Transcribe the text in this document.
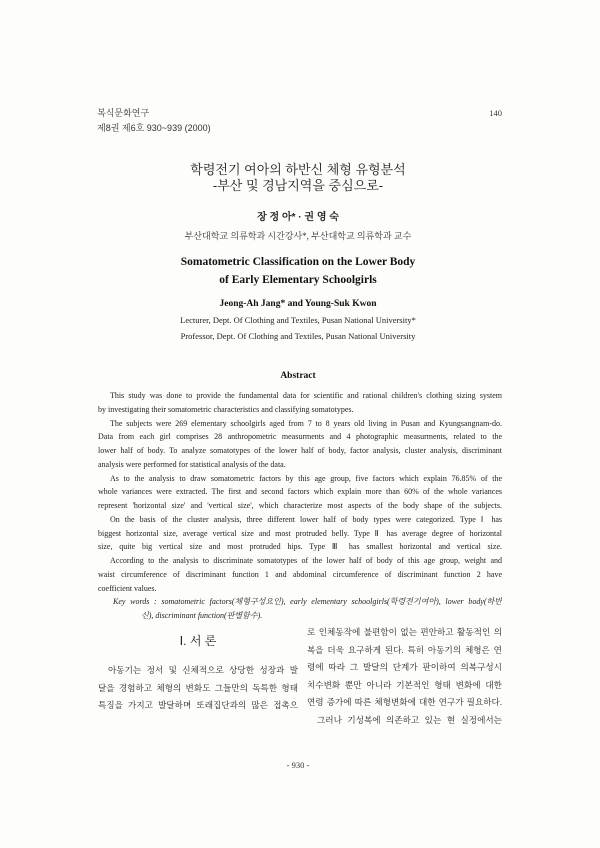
복식문화연구
제8권 제6호 930~939 (2000)
140
학령전기 여아의 하반신 체형 유형분석
-부산 및 경남지역을 중심으로-
장 정 아* · 권 영 숙
부산대학교 의류학과 시간강사*, 부산대학교 의류학과 교수
Somatometric Classification on the Lower Body
of Early Elementary Schoolgirls
Jeong-Ah Jang* and Young-Suk Kwon
Lecturer, Dept. Of Clothing and Textiles, Pusan National University*
Professor, Dept. Of Clothing and Textiles, Pusan National University
Abstract
This study was done to provide the fundamental data for scientific and rational children's clothing sizing system
by investigating their somatometric characteristics and classifying somatotypes.
The subjects were 269 elementary schoolgirls aged from 7 to 8 years old living in Pusan and Kyungsangnam-do.
Data from each girl comprises 28 anthropometric measurments and 4 photographic measurments, related to the
lower half of body. To analyze somatotypes of the lower half of body, factor analysis, cluster analysis, discriminant
analysis were performed for statistical analysis of the data.
As to the analysis to draw somatometric factors by this age group, five factors which explain 76.85% of the
whole variances were extracted. The first and second factors which explain more than 60% of the whole variances
represent 'horizontal size' and 'vertical size', which characterize most aspects of the body shape of the subjects.
On the basis of the cluster analysis, three different lower half of body types were categorized. Type Ⅰ has
biggest horizontal size, average vertical size and most protruded belly. Type Ⅱ has average degree of horizontal
size, quite big vertical size and most protruded hips. Type Ⅲ has smallest horizontal and vertical size.
According to the analysis to discriminate somatotypes of the lower half of body of this age group, weight and
waist circumference of discriminant function 1 and abdominal circumference of discriminant function 2 have
coefficient values.
Key words : somatometric factors(체형구성요인), early elementary schoolgirls(학령전기여아), lower body(하반
신), discriminant function(판별함수).
Ⅰ. 서 론
아동기는 정서 및 신체적으로 상당한 성장과 발
달을 경험하고 체형의 변화도 그들만의 독특한 형태
특징을 가지고 발달하며 또래집단과의 많은 접촉으
로 인체동작에 불편함이 없는 편안하고 활동적인 의
복을 더욱 요구하게 된다. 특히 아동기의 체형은 연
령에 따라 그 발달의 단계가 판이하여 의복구성시
치수변화 뿐만 아니라 기본적인 형태 변화에 대한
연령 증가에 따른 체형변화에 대한 연구가 필요하다.
그러나 기성복에 의존하고 있는 현 실정에서는
- 930 -
